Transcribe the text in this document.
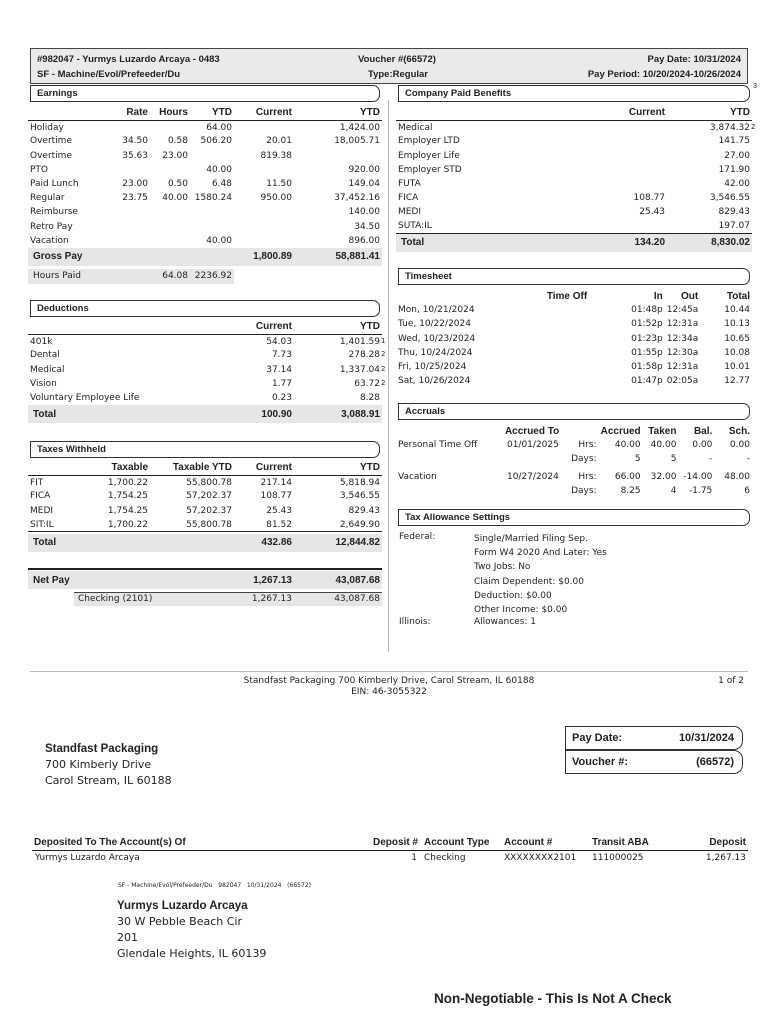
#982047 - Yurmys Luzardo Arcaya - 0483
SF - Machine/Evol/Prefeeder/Du
Voucher #(66572)
Type:Regular
Pay Date: 10/31/2024
Pay Period: 10/20/2024-10/26/2024
Earnings
	Rate	Hours	YTD	Current	YTD
Holiday			64.00		1,424.00
Overtime	34.50	0.58	506.20	20.01	18,005.71
Overtime	35.63	23.00		819.38	
PTO			40.00		920.00
Paid Lunch	23.00	0.50	6.48	11.50	149.04
Regular	23.75	40.00	1580.24	950.00	37,452.16
Reimburse					140.00
Retro Pay					34.50
Vacation			40.00		896.00
Gross Pay				1,800.89	58,881.41

Hours Paid		64.08	2236.92		
Deductions
	Current	YTD
401k	54.03	1,401.59 1

Dental	7.73	278.28 2

Medical	37.14	1,337.04 2

Vision	1.77	63.72 2

Voluntary Employee Life	0.23	8.28

Total	100.90	3,088.91
Taxes Withheld
	Taxable	Taxable YTD	Current	YTD
FIT	1,700.22	55,800.78	217.14	5,818.94
FICA	1,754.25	57,202.37	108.77	3,546.55
MEDI	1,754.25	57,202.37	25.43	829.43
SIT:IL	1,700.22	55,800.78	81.52	2,649.90

Total			432.86	12,844.82

Net Pay		1,267.13	43,087.68

	Checking (2101)	1,267.13	43,087.68
Company Paid Benefits
3
	Current	YTD
Medical		3,874.32 2

Employer LTD		141.75

Employer Life		27.00

Employer STD		171.90

FUTA		42.00

FICA	108.77	3,546.55

MEDI	25.43	829.43

SUTA:IL		197.07

Total	134.20	8,830.02
Timesheet
	Time Off	In	Out	Total
Mon, 10/21/2024		01:48p	12:45a	10.44
Tue, 10/22/2024		01:52p	12:31a	10.13
Wed, 10/23/2024		01:23p	12:34a	10.65
Thu, 10/24/2024		01:55p	12:30a	10.08
Fri, 10/25/2024		01:58p	12:31a	10.01
Sat, 10/26/2024		01:47p	02:05a	12.77
Accruals
	Accrued To		Accrued	Taken	Bal.	Sch.
Personal Time Off	01/01/2025	Hrs:	40.00	40.00	0.00	0.00
		Days:	5	5	-	-

Vacation	10/27/2024	Hrs:	66.00	32.00	-14.00	48.00
		Days:	8.25	4	-1.75	6
Tax Allowance Settings
Federal:	Single/Married Filing Sep.
Form W4 2020 And Later: Yes
Two Jobs: No
Claim Dependent: $0.00
Deduction: $0.00
Other Income: $0.00
Illinois:	Allowances: 1
Standfast Packaging 700 Kimberly Drive, Carol Stream, IL 60188
EIN: 46-3055322
1 of 2
Standfast Packaging
700 Kimberly Drive
Carol Stream, IL 60188
Pay Date:	10/31/2024
Voucher #:	(66572)
Deposited To The Account(s) Of	Deposit #	Account Type	Account #	Transit ABA	Deposit
Yurmys Luzardo Arcaya	1	Checking	XXXXXXXX2101	111000025	1,267.13
SF - Machine/Evol/Prefeeder/Du   982047   10/31/2024   (66572)
Yurmys Luzardo Arcaya
30 W Pebble Beach Cir
201
Glendale Heights, IL 60139
Non-Negotiable - This Is Not A Check
